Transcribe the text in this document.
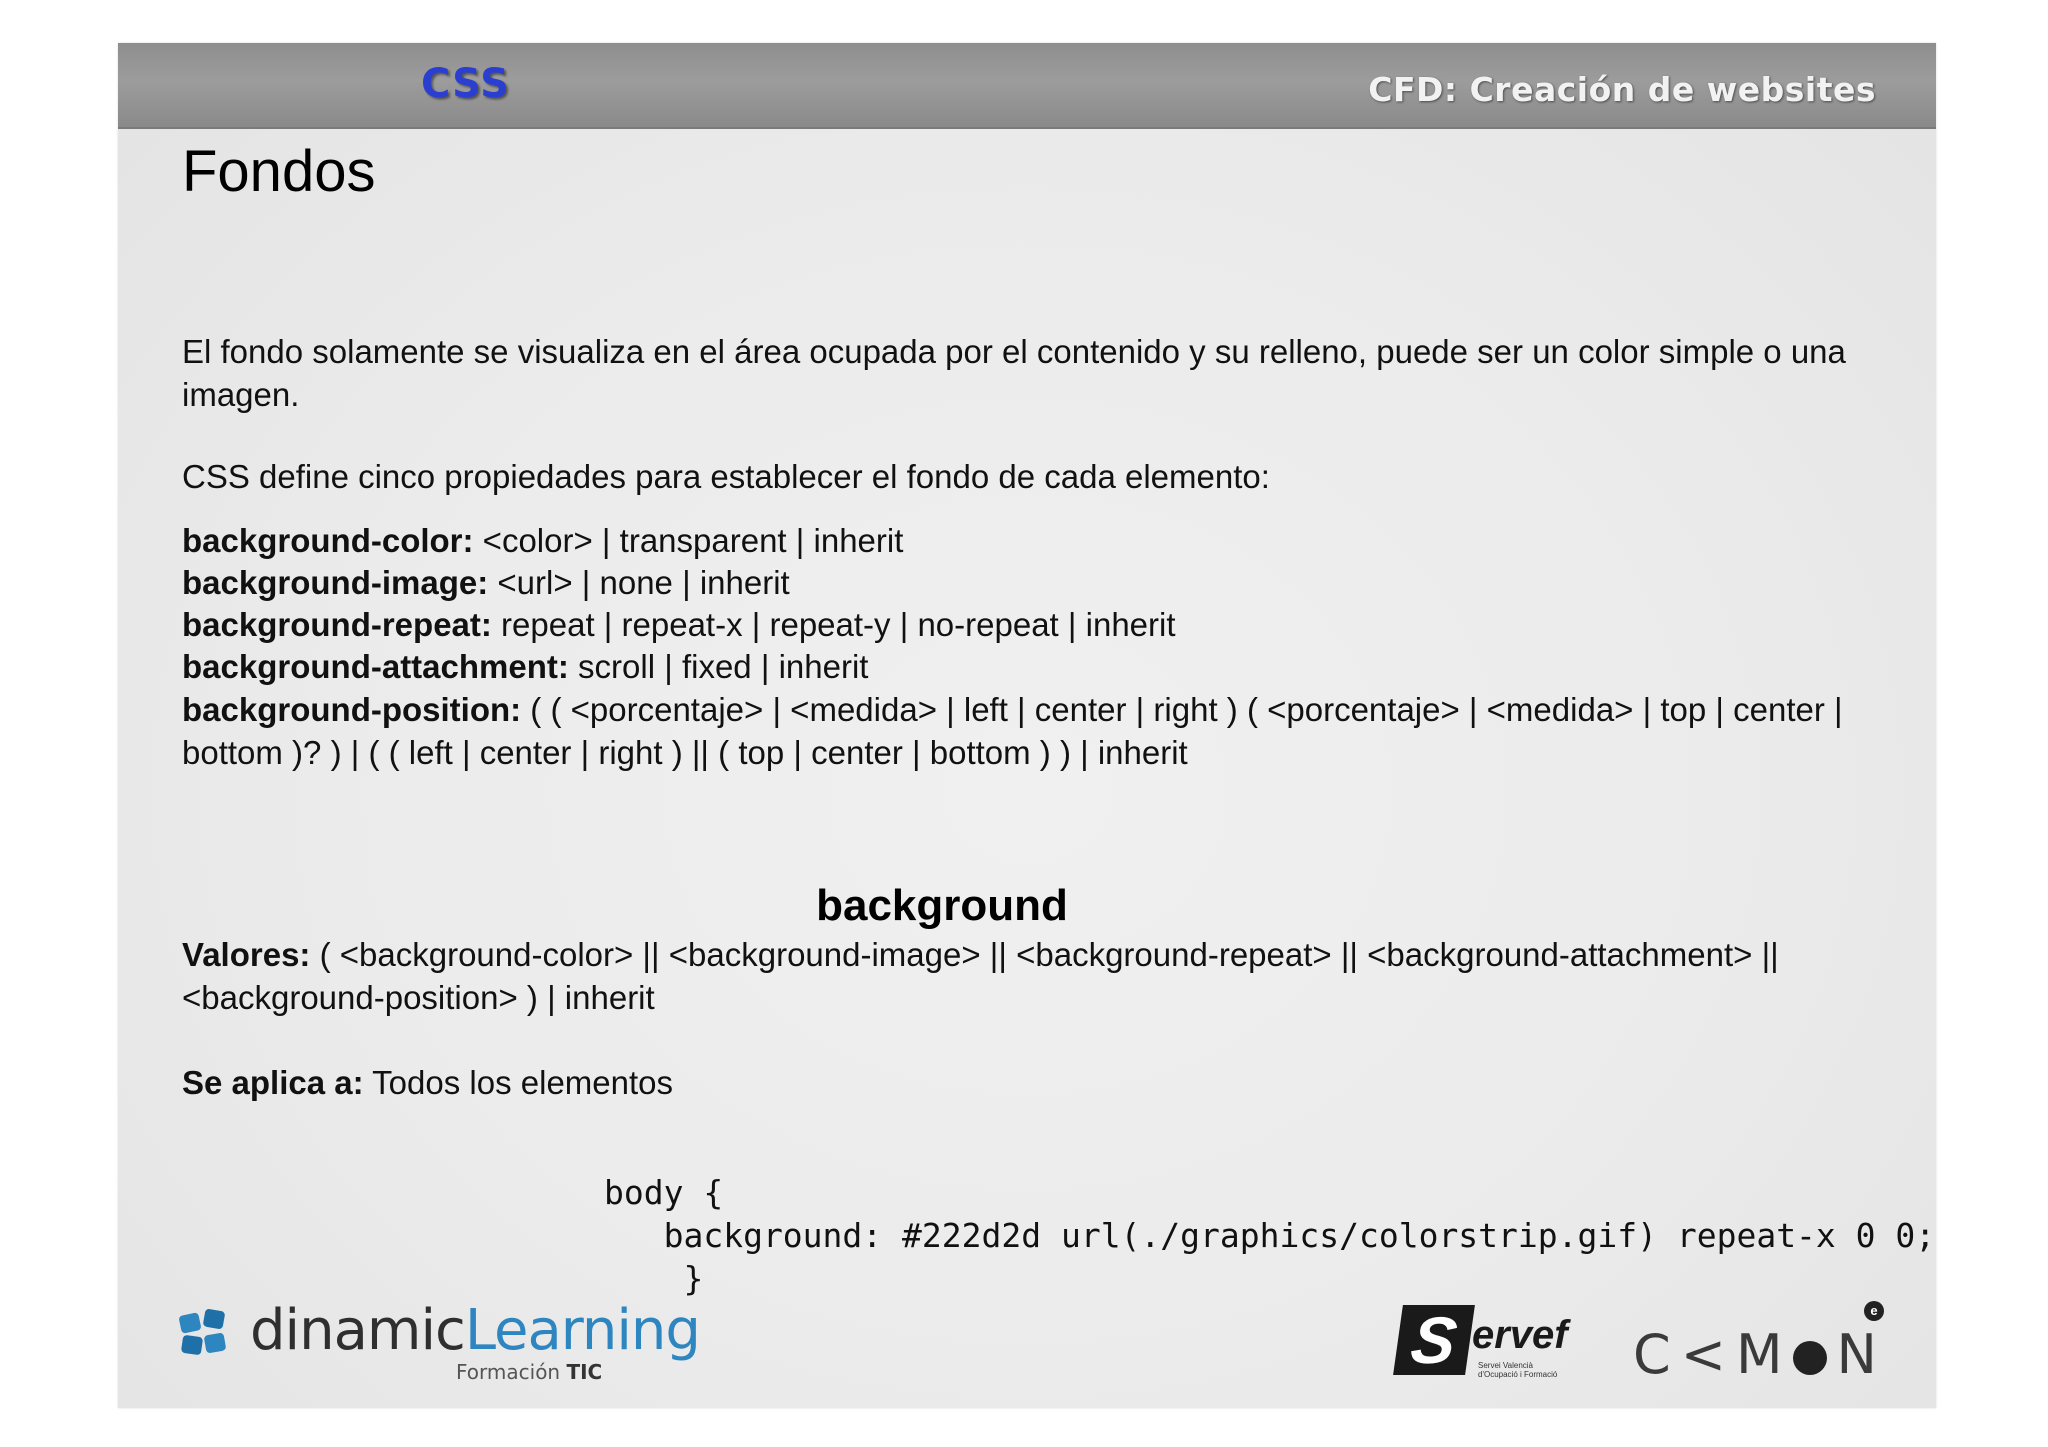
CSS	CFD: Creación de websites
Fondos

El fondo solamente se visualiza en el área ocupada por el contenido y su relleno, puede ser un color simple o una imagen.

CSS define cinco propiedades para establecer el fondo de cada elemento:

background-color: <color> | transparent | inherit

background-image: <url> | none | inherit

background-repeat: repeat | repeat-x | repeat-y | no-repeat | inherit

background-attachment: scroll | fixed | inherit

background-position: ( ( <porcentaje> | <medida> | left | center | right ) ( <porcentaje> | <medida> | top | center | bottom )? ) | ( ( left | center | right ) || ( top | center | bottom ) ) | inherit

background

Valores: ( <background-color> || <background-image> || <background-repeat> || <background-attachment> || <background-position> ) | inherit

Se aplica a: Todos los elementos

body {
background: #222d2d url(./graphics/colorstrip.gif) repeat-x 0 0;
}
dinamicLearning
Formación TIC	S ervef
Servei Valencià d'Ocupació i Formació	C<M N
e
